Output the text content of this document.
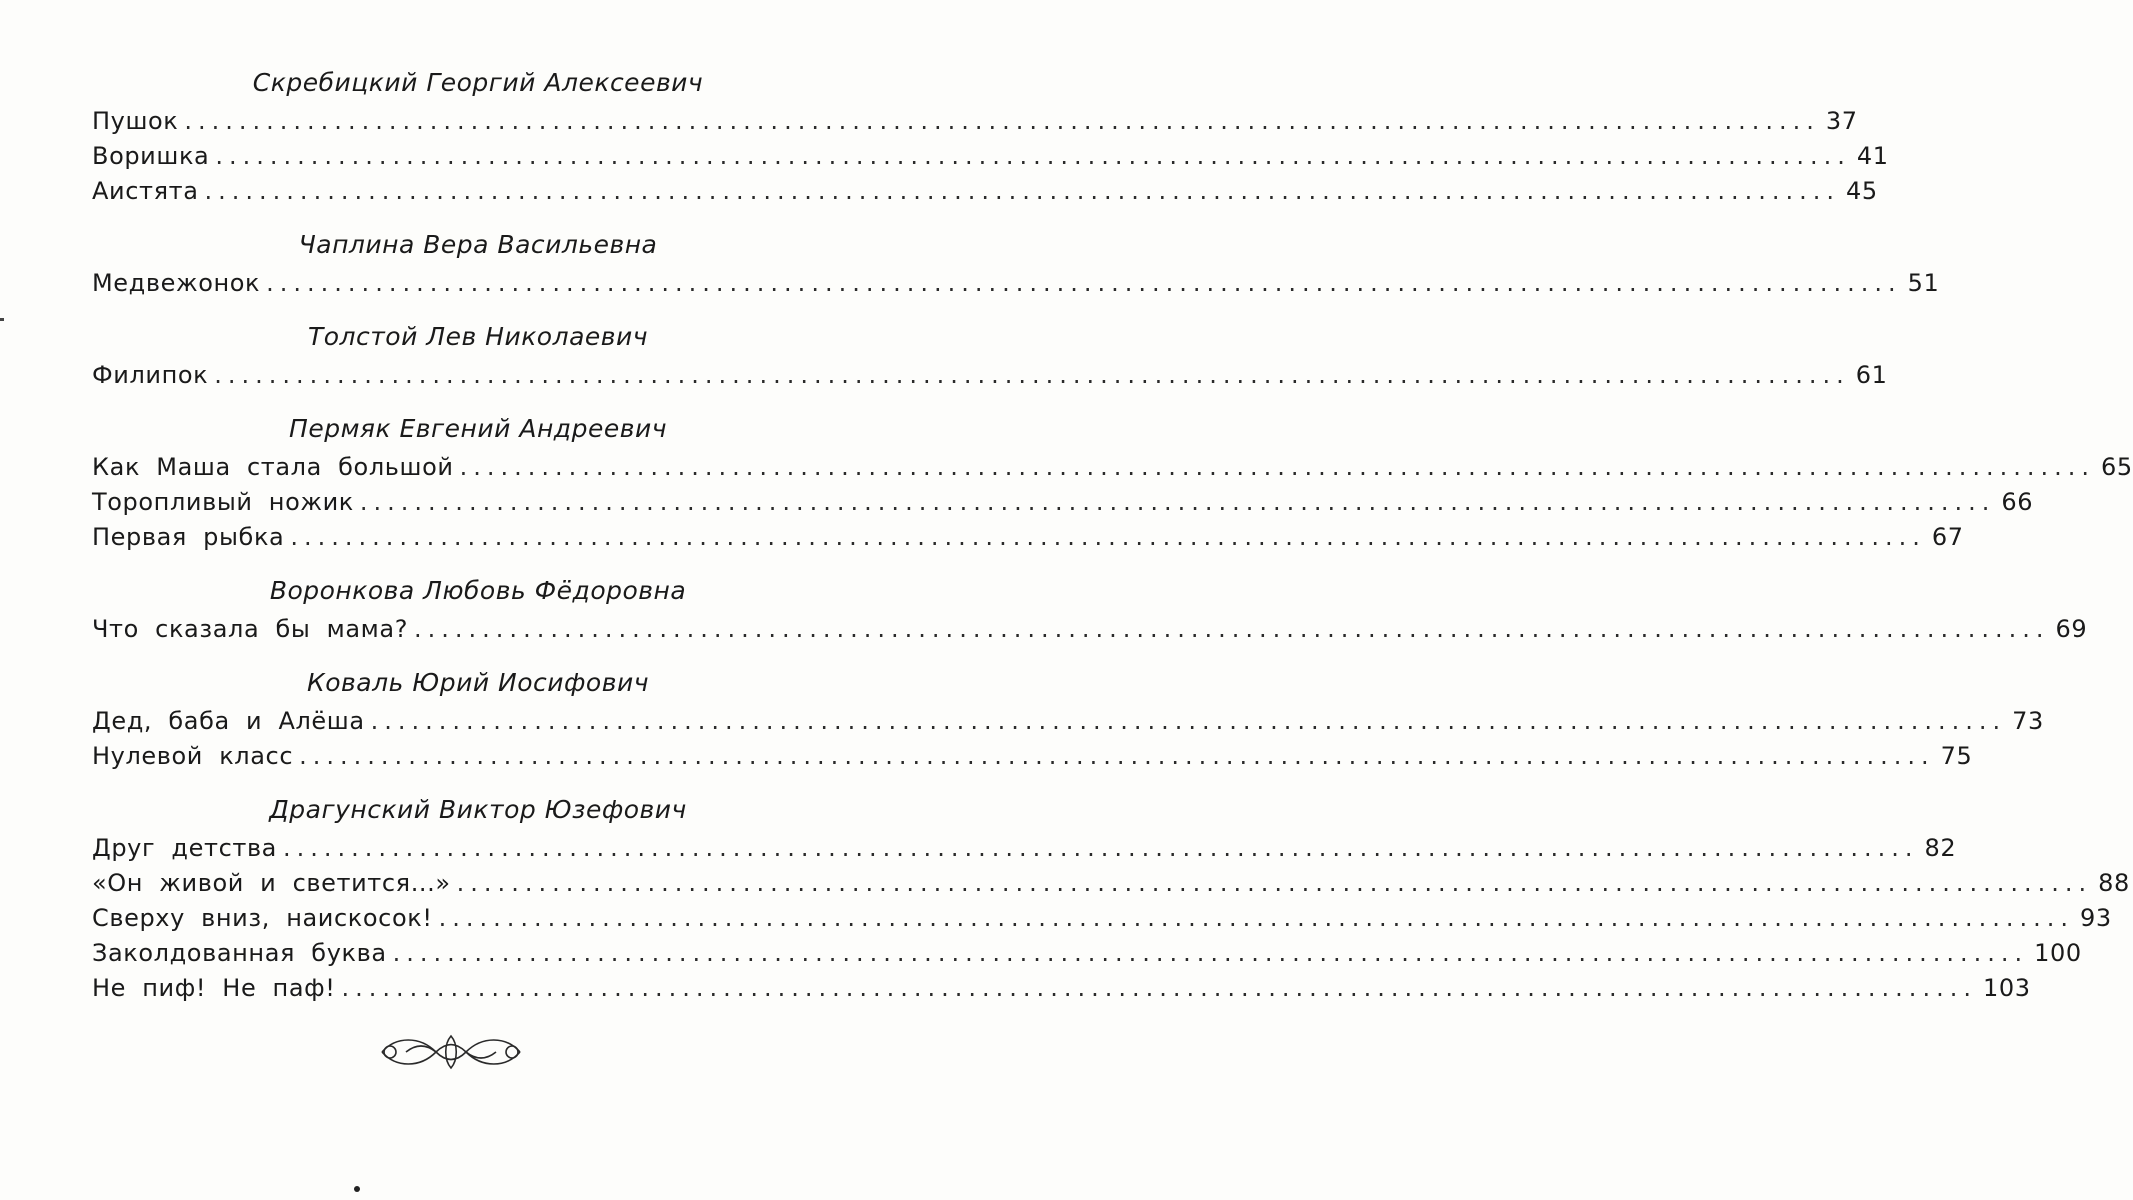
Скребицкий Георгий Алексеевич
Пушок ........................................................................................................................ 37
Воришка ........................................................................................................................ 41
Аистята ........................................................................................................................ 45
Чаплина Вера Васильевна
Медвежонок ........................................................................................................................ 51
Толстой Лев Николаевич
Филипок ........................................................................................................................ 61
Пермяк Евгений Андреевич
Как Маша стала большой ........................................................................................................................ 65
Торопливый ножик ........................................................................................................................ 66
Первая рыбка ........................................................................................................................ 67
Воронкова Любовь Фёдоровна
Что сказала бы мама? ........................................................................................................................ 69
Коваль Юрий Иосифович
Дед, баба и Алёша ........................................................................................................................ 73
Нулевой класс ........................................................................................................................ 75
Драгунский Виктор Юзефович
Друг детства ........................................................................................................................ 82
«Он живой и светится...» ........................................................................................................................ 88
Сверху вниз, наискосок! ........................................................................................................................ 93
Заколдованная буква ........................................................................................................................ 100
Не пиф! Не паф! ........................................................................................................................ 103
